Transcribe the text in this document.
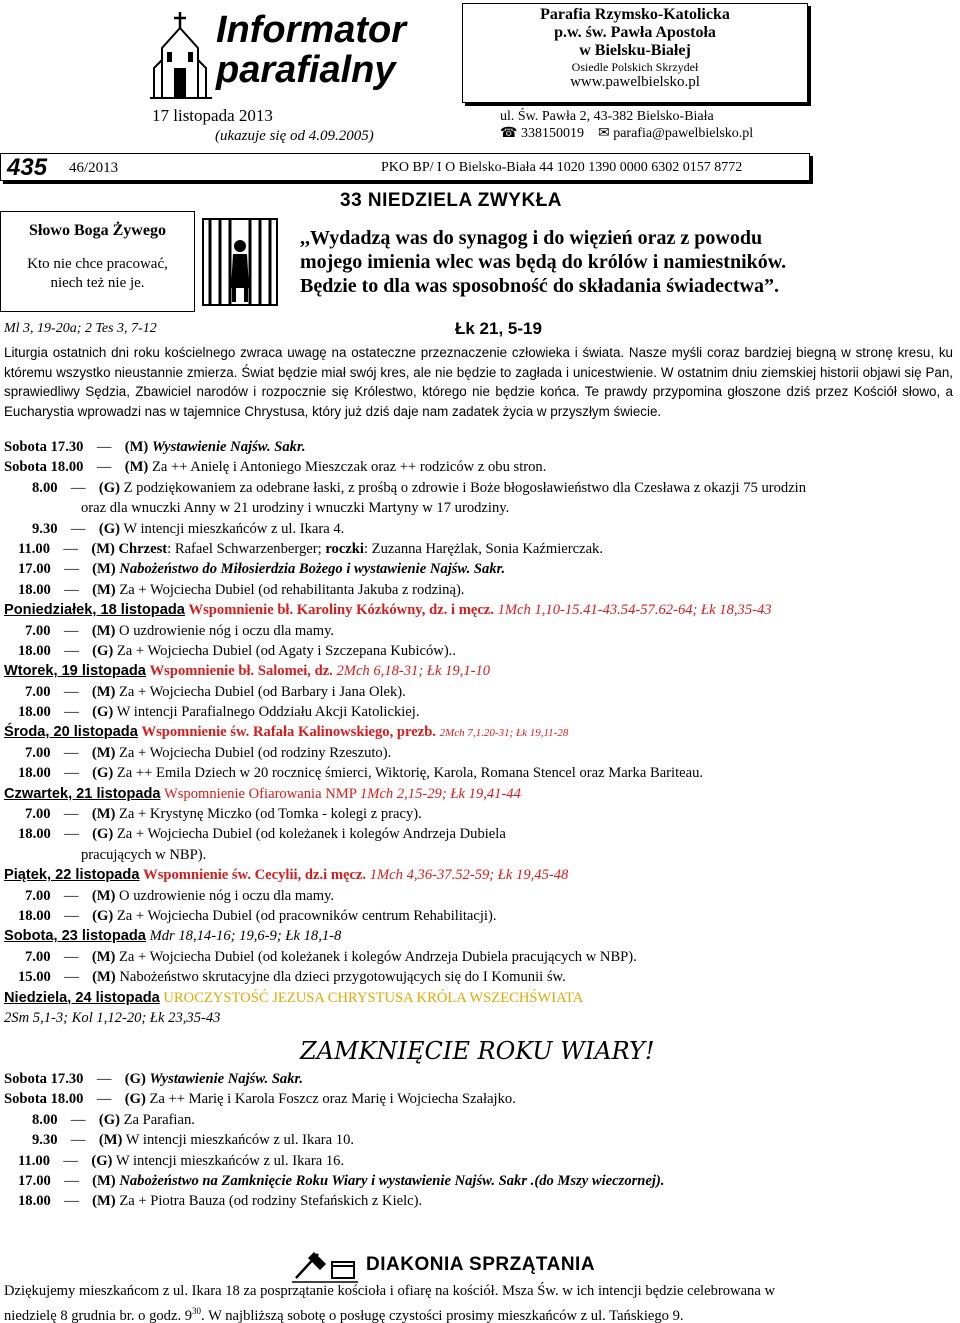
Informator
parafialny
17 listopada 2013
(ukazuje się od 4.09.2005)
Parafia Rzymsko-Katolicka
p.w. św. Pawła Apostoła
w Bielsku-Białej
Osiedle Polskich Skrzydeł
www.pawelbielsko.pl
ul. Św. Pawła 2, 43-382 Bielsko-Biała
☎ 338150019 ✉ parafia@pawelbielsko.pl
435 46/2013	PKO BP/ I O Bielsko-Biała 44 1020 1390 0000 6302 0157 8772
Słowo Boga Żywego
Kto nie chce pracować,
niech też nie je.
33 NIEDZIELA ZWYKŁA
,,Wydadzą was do synagog i do więzień oraz z powodu
mojego imienia wlec was będą do królów i namiestników.
Będzie to dla was sposobność do składania świadectwa”.
Ml 3, 19-20a; 2 Tes 3, 7-12	Łk 21, 5-19
Liturgia ostatnich dni roku kościelnego zwraca uwagę na ostateczne przeznaczenie człowieka i świata. Nasze myśli coraz bardziej biegną w stronę kresu, ku któremu wszystko nieustannie zmierza. Świat będzie miał swój kres, ale nie będzie to zagłada i unicestwienie. W ostatnim dniu ziemskiej historii objawi się Pan, sprawiedliwy Sędzia, Zbawiciel narodów i rozpocznie się Królestwo, którego nie będzie końca. Te prawdy przypomina głoszone dziś przez Kościół słowo, a Eucharystia wprowadzi nas w tajemnice Chrystusa, który już dziś daje nam zadatek życia w przyszłym świecie.
Sobota 17.30 — (M) Wystawienie Najśw. Sakr.
Sobota 18.00 — (M) Za ++ Anielę i Antoniego Mieszczak oraz ++ rodziców z obu stron.
8.00 — (G) Z podziękowaniem za odebrane łaski, z prośbą o zdrowie i Boże błogosławieństwo dla Czesława z okazji 75 urodzin
oraz dla wnuczki Anny w 21 urodziny i wnuczki Martyny w 17 urodziny.
9.30 — (G) W intencji mieszkańców z ul. Ikara 4.
11.00 — (M) Chrzest: Rafael Schwarzenberger; roczki: Zuzanna Harężlak, Sonia Kaźmierczak.
17.00 — (M) Nabożeństwo do Miłosierdzia Bożego i wystawienie Najśw. Sakr.
18.00 — (M) Za + Wojciecha Dubiel (od rehabilitanta Jakuba z rodziną).
Poniedziałek, 18 listopada Wspomnienie bł. Karoliny Kózkówny, dz. i męcz. 1Mch 1,10-15.41-43.54-57.62-64; Łk 18,35-43
7.00 — (M) O uzdrowienie nóg i oczu dla mamy.
18.00 — (G) Za + Wojciecha Dubiel (od Agaty i Szczepana Kubiców)..
Wtorek, 19 listopada Wspomnienie bł. Salomei, dz. 2Mch 6,18-31; Łk 19,1-10
7.00 — (M) Za + Wojciecha Dubiel (od Barbary i Jana Olek).
18.00 — (G) W intencji Parafialnego Oddziału Akcji Katolickiej.
Środa, 20 listopada Wspomnienie św. Rafała Kalinowskiego, prezb. 2Mch 7,1.20-31; Łk 19,11-28
7.00 — (M) Za + Wojciecha Dubiel (od rodziny Rzeszuto).
18.00 — (G) Za ++ Emila Dziech w 20 rocznicę śmierci, Wiktorię, Karola, Romana Stencel oraz Marka Bariteau.
Czwartek, 21 listopada Wspomnienie Ofiarowania NMP 1Mch 2,15-29; Łk 19,41-44
7.00 — (M) Za + Krystynę Miczko (od Tomka - kolegi z pracy).
18.00 — (G) Za + Wojciecha Dubiel (od koleżanek i kolegów Andrzeja Dubiela
pracujących w NBP).
Piątek, 22 listopada Wspomnienie św. Cecylii, dz.i męcz. 1Mch 4,36-37.52-59; Łk 19,45-48
7.00 — (M) O uzdrowienie nóg i oczu dla mamy.
18.00 — (G) Za + Wojciecha Dubiel (od pracowników centrum Rehabilitacji).
Sobota, 23 listopada Mdr 18,14-16; 19,6-9; Łk 18,1-8
7.00 — (M) Za + Wojciecha Dubiel (od koleżanek i kolegów Andrzeja Dubiela pracujących w NBP).
15.00 — (M) Nabożeństwo skrutacyjne dla dzieci przygotowujących się do I Komunii św.
Niedziela, 24 listopada UROCZYSTOŚĆ JEZUSA CHRYSTUSA KRÓLA WSZECHŚWIATA
2Sm 5,1-3; Kol 1,12-20; Łk 23,35-43
ZAMKNIĘCIE ROKU WIARY!
Sobota 17.30 — (G) Wystawienie Najśw. Sakr.
Sobota 18.00 — (G) Za ++ Marię i Karola Foszcz oraz Marię i Wojciecha Szałajko.
8.00 — (G) Za Parafian.
9.30 — (M) W intencji mieszkańców z ul. Ikara 10.
11.00 — (G) W intencji mieszkańców z ul. Ikara 16.
17.00 — (M) Nabożeństwo na Zamknięcie Roku Wiary i wystawienie Najśw. Sakr .(do Mszy wieczornej).
18.00 — (M) Za + Piotra Bauza (od rodziny Stefańskich z Kielc).
DIAKONIA SPRZĄTANIA
Dziękujemy mieszkańcom z ul. Ikara 18 za posprzątanie kościoła i ofiarę na kościół. Msza Św. w ich intencji będzie celebrowana w
niedzielę 8 grudnia br. o godz. $9^{30}$. W najbliższą sobotę o posługę czystości prosimy mieszkańców z ul. Tańskiego 9.
